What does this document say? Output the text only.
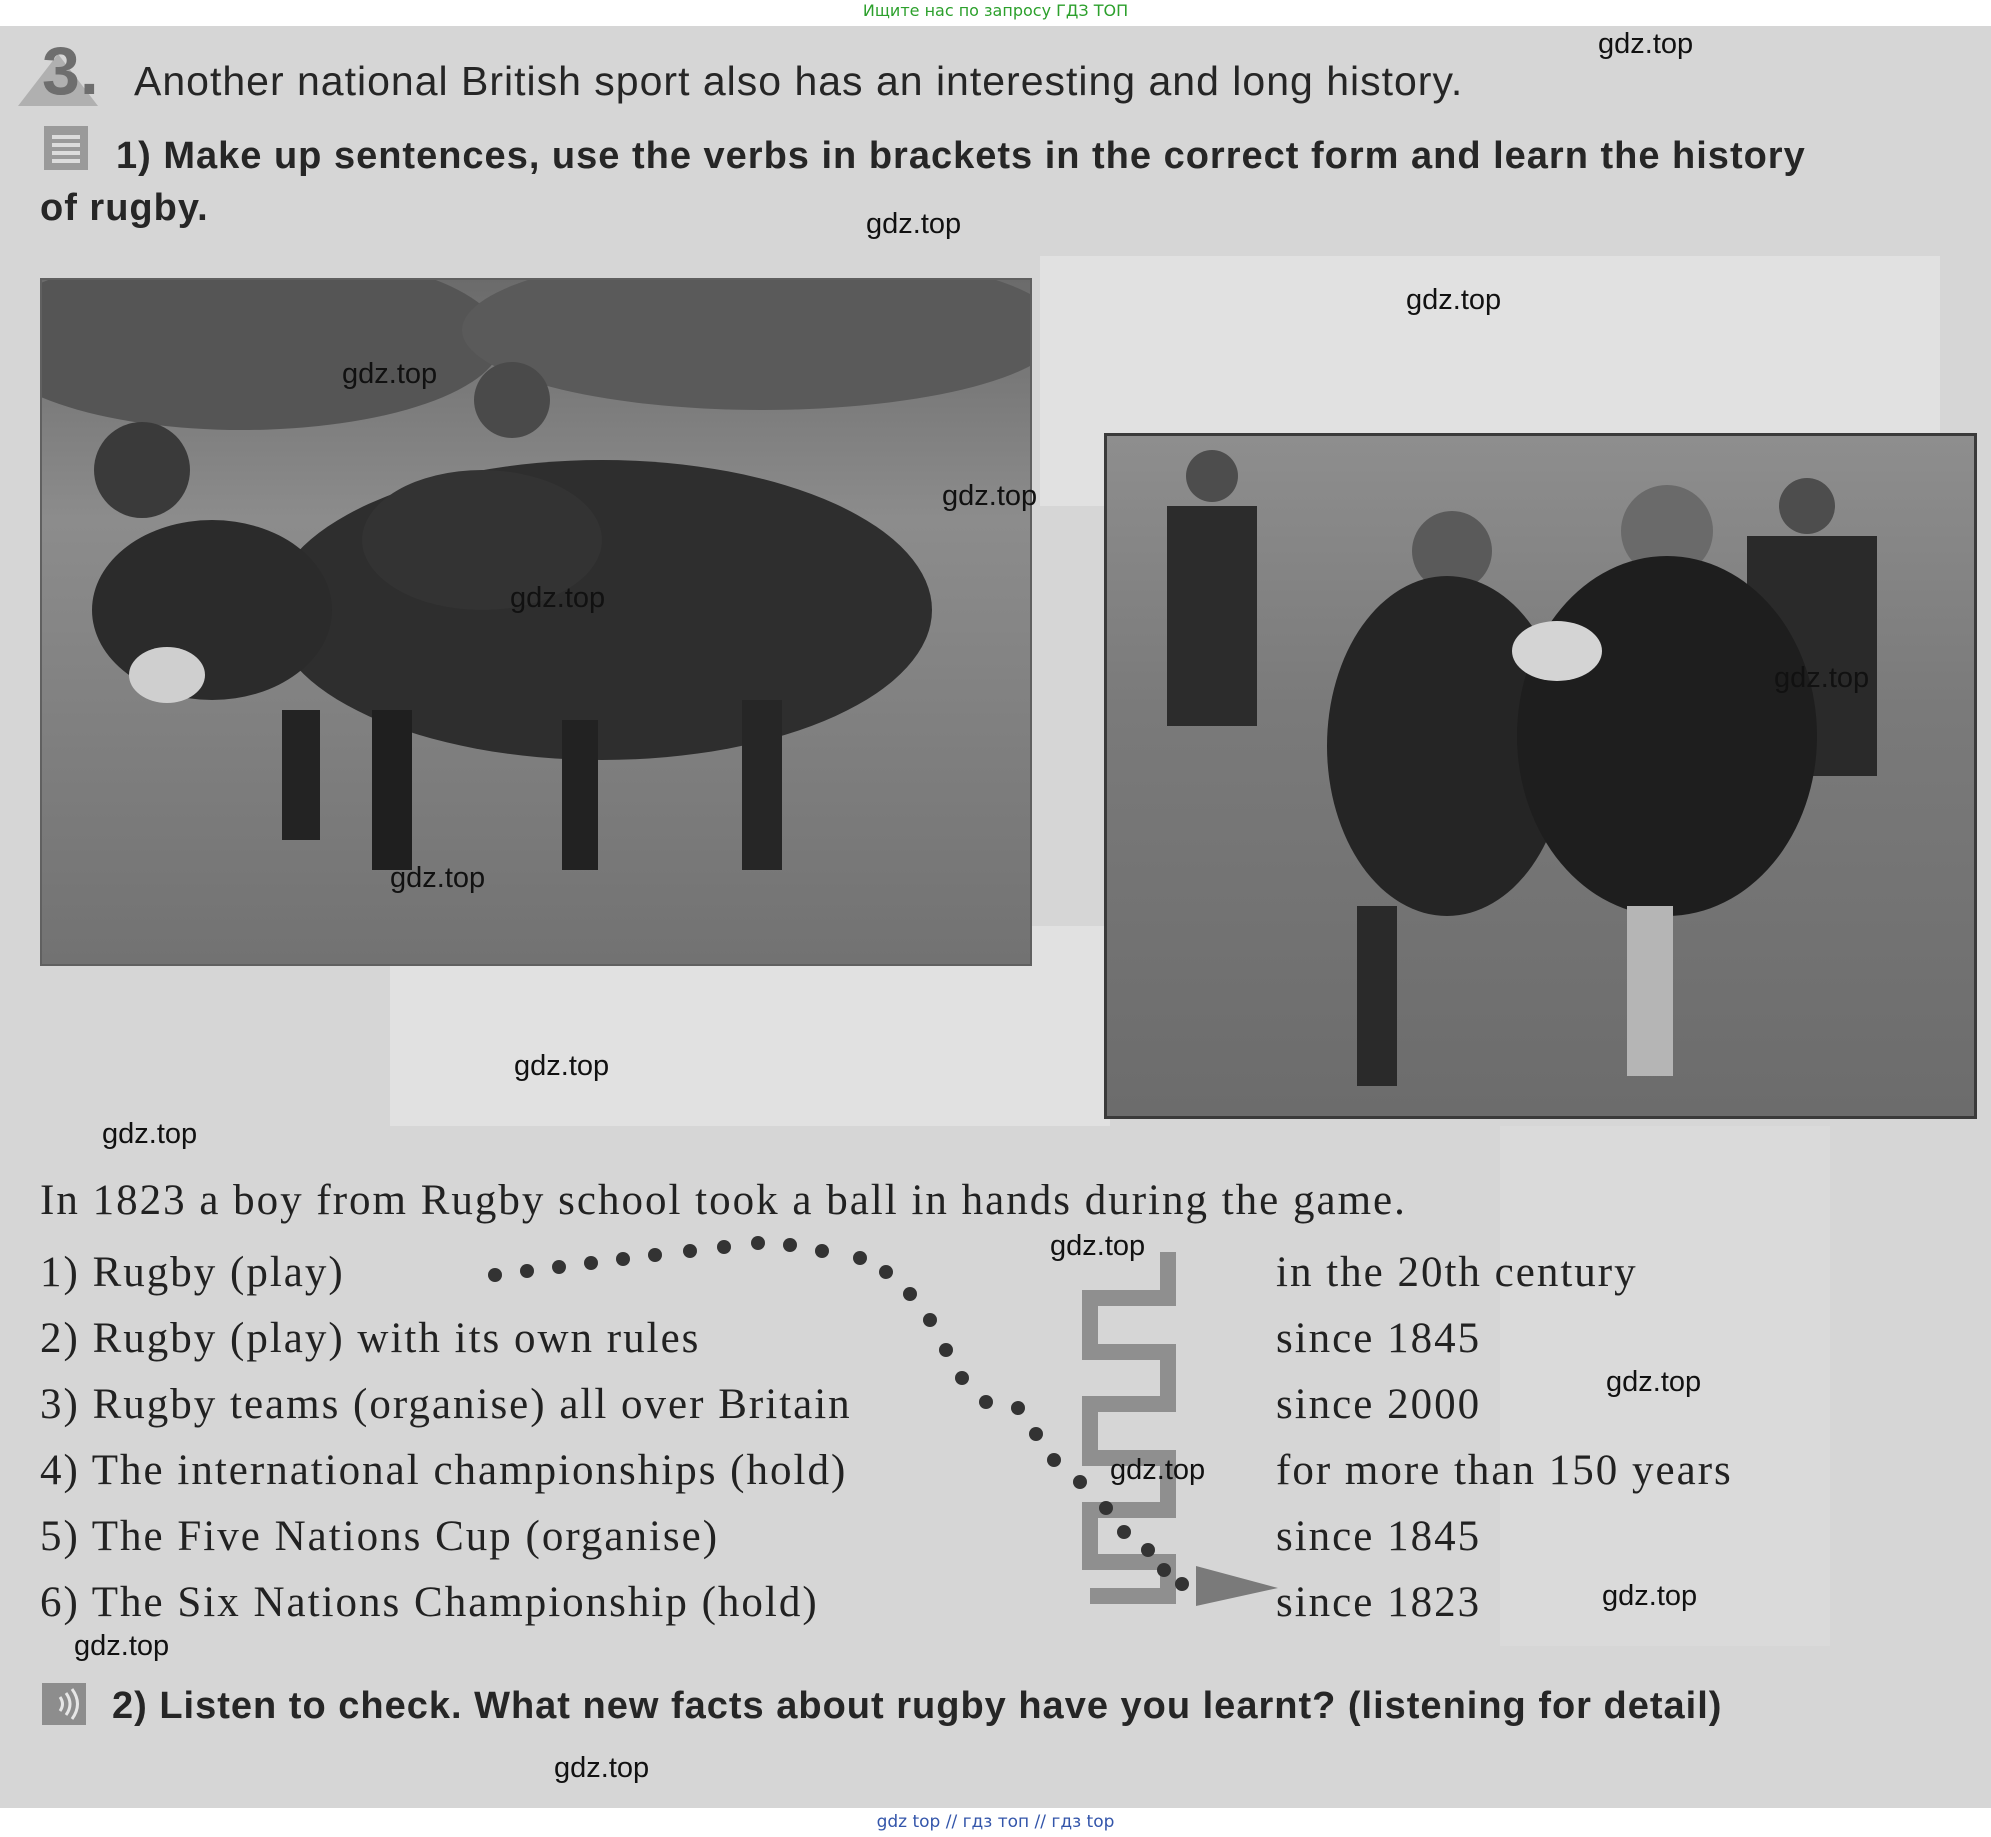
Ищите нас по запросу ГДЗ ТОП
3. Another national British sport also has an interesting and long history.
1) Make up sentences, use the verbs in brackets in the correct form and learn the history of rugby.
In 1823 a boy from Rugby school took a ball in hands during the game.
1) Rugby (play)
2) Rugby (play) with its own rules
3) Rugby teams (organise) all over Britain
4) The international championships (hold)
5) The Five Nations Cup (organise)
6) The Six Nations Championship (hold)
in the 20th century
since 1845
since 2000
for more than 150 years
since 1845
since 1823
2) Listen to check. What new facts about rugby have you learnt? (listening for detail)
gdz.top
gdz.top
gdz.top
gdz.top
gdz.top
gdz.top
gdz.top
gdz.top
gdz.top
gdz.top
gdz.top
gdz.top
gdz.top
gdz.top
gdz.top
gdz.top
gdz top // гдз топ // гдз top
